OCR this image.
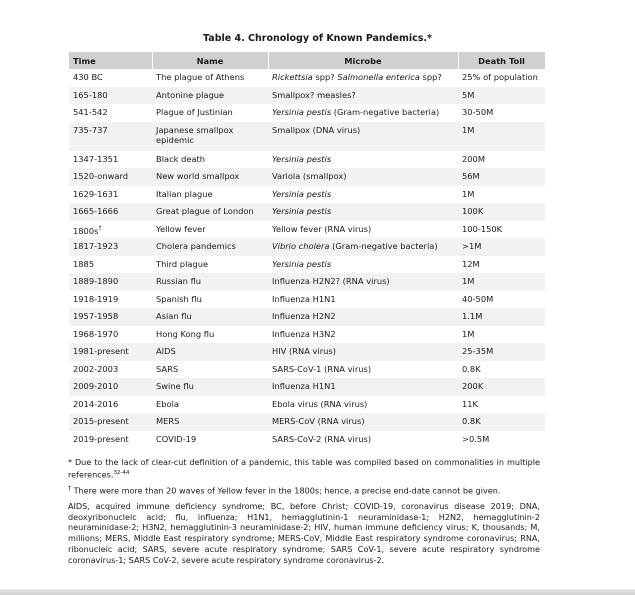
Table 4. Chronology of Known Pandemics.*
Time	Name	Microbe	Death Toll
430 BC	The plague of Athens	Rickettsia spp? Salmonella enterica spp?	25% of population
165-180	Antonine plague	Smallpox? measles?	5M
541-542	Plague of Justinian	Yersinia pestis (Gram-negative bacteria)	30-50M
735-737	Japanese smallpox epidemic	Smallpox (DNA virus)	1M
1347-1351	Black death	Yersinia pestis	200M
1520-onward	New world smallpox	Variola (smallpox)	56M
1629-1631	Italian plague	Yersinia pestis	1M
1665-1666	Great plague of London	Yersinia pestis	100K
1800s†	Yellow fever	Yellow fever (RNA virus)	100-150K
1817-1923	Cholera pandemics	Vibrio cholera (Gram-negative bacteria)	>1M
1885	Third plague	Yersinia pestis	12M
1889-1890	Russian flu	Influenza H2N2? (RNA virus)	1M
1918-1919	Spanish flu	Influenza H1N1	40-50M
1957-1958	Asian flu	Influenza H2N2	1.1M
1968-1970	Hong Kong flu	Influenza H3N2	1M
1981-present	AIDS	HIV (RNA virus)	25-35M
2002-2003	SARS	SARS-CoV-1 (RNA virus)	0.8K
2009-2010	Swine flu	Influenza H1N1	200K
2014-2016	Ebola	Ebola virus (RNA virus)	11K
2015-present	MERS	MERS-CoV (RNA virus)	0.8K
2019-present	COVID-19	SARS-CoV-2 (RNA virus)	>0.5M

* Due to the lack of clear-cut definition of a pandemic, this table was compiled based on commonalities in multiple references.$^{32-44}$

† There were more than 20 waves of Yellow fever in the 1800s; hence, a precise end-date cannot be given.

AIDS, acquired immune deficiency syndrome; BC, before Christ; COVID-19, coronavirus disease 2019; DNA, deoxyribonucleic acid; flu, influenza; H1N1, hemagglutinin-1 neuraminidase-1; H2N2, hemagglutinin-2 neuraminidase-2; H3N2, hemagglutinin-3 neuraminidase-2; HIV, human immune deficiency virus; K, thousands; M, millions; MERS, Middle East respiratory syndrome; MERS-CoV, Middle East respiratory syndrome coronavirus; RNA, ribonucleic acid; SARS, severe acute respiratory syndrome; SARS CoV-1, severe acute respiratory syndrome coronavirus-1; SARS CoV-2, severe acute respiratory syndrome coronavirus-2.
